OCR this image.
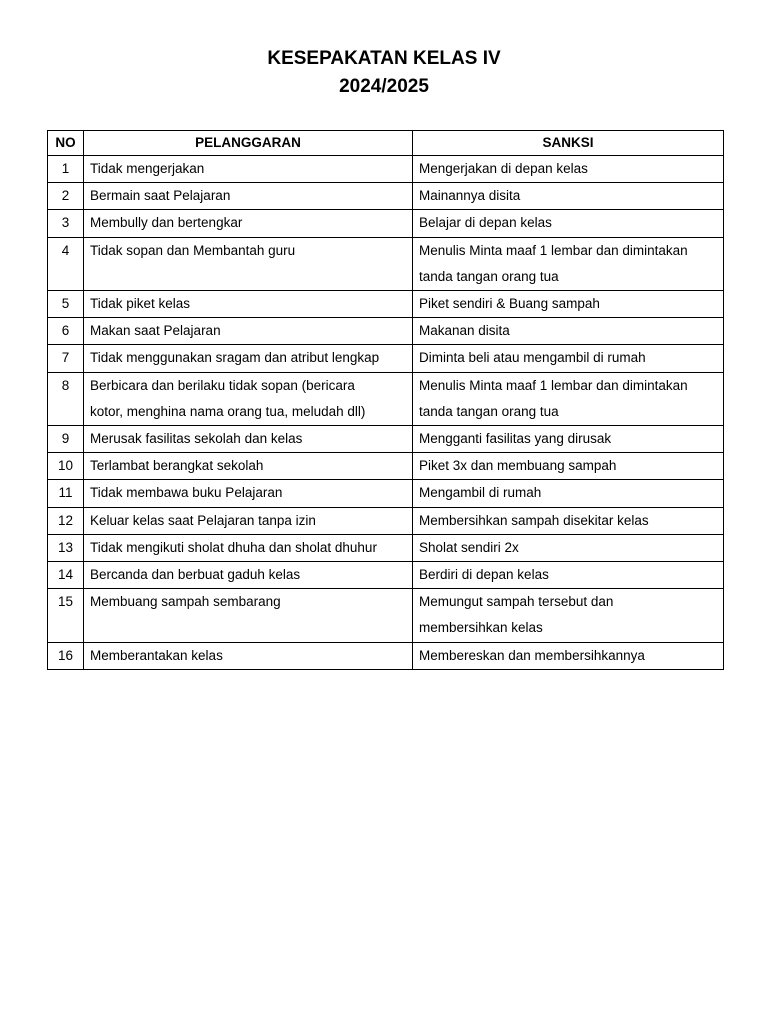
KESEPAKATAN KELAS IV
2024/2025
NO	PELANGGARAN	SANKSI
1	Tidak mengerjakan	Mengerjakan di depan kelas

2	Bermain saat Pelajaran	Mainannya disita

3	Membully dan bertengkar	Belajar di depan kelas

4	Tidak sopan dan Membantah guru	Menulis Minta maaf 1 lembar dan dimintakan
tanda tangan orang tua

5	Tidak piket kelas	Piket sendiri & Buang sampah

6	Makan saat Pelajaran	Makanan disita

7	Tidak menggunakan sragam dan atribut lengkap	Diminta beli atau mengambil di rumah

8	Berbicara dan berilaku tidak sopan (bericara
kotor, menghina nama orang tua, meludah dll)	Menulis Minta maaf 1 lembar dan dimintakan
tanda tangan orang tua

9	Merusak fasilitas sekolah dan kelas	Mengganti fasilitas yang dirusak

10	Terlambat berangkat sekolah	Piket 3x dan membuang sampah

11	Tidak membawa buku Pelajaran	Mengambil di rumah

12	Keluar kelas saat Pelajaran tanpa izin	Membersihkan sampah disekitar kelas

13	Tidak mengikuti sholat dhuha dan sholat dhuhur	Sholat sendiri 2x

14	Bercanda dan berbuat gaduh kelas	Berdiri di depan kelas

15	Membuang sampah sembarang	Memungut sampah tersebut dan
membersihkan kelas

16	Memberantakan kelas	Membereskan dan membersihkannya
